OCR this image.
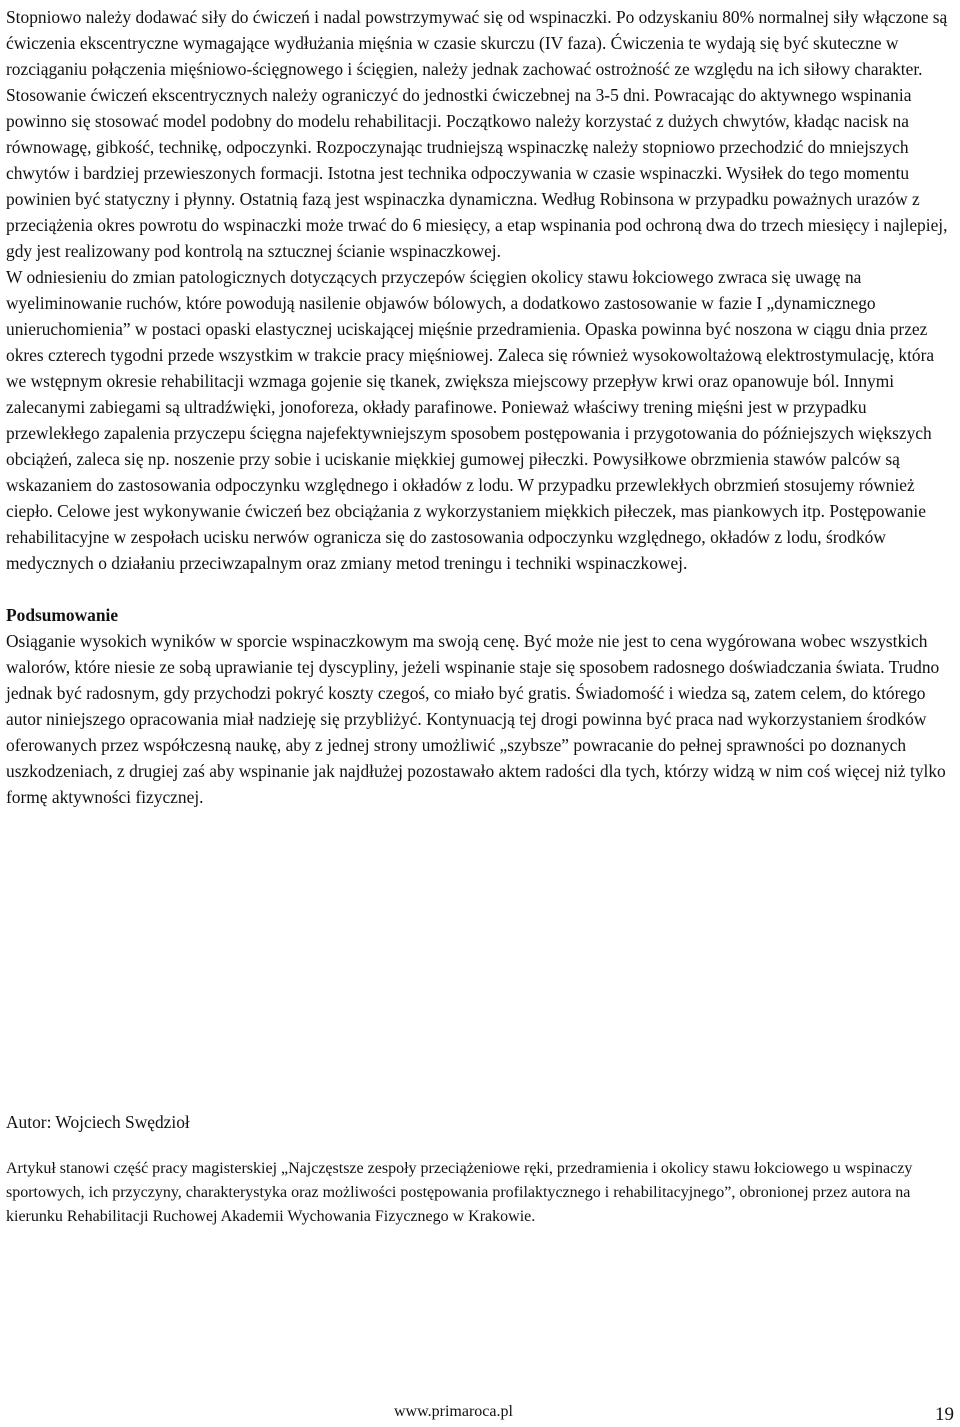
Stopniowo należy dodawać siły do ćwiczeń i nadal powstrzymywać się od wspinaczki. Po odzyskaniu 80% normalnej siły włączone są ćwiczenia ekscentryczne wymagające wydłużania mięśnia w czasie skurczu (IV faza). Ćwiczenia te wydają się być skuteczne w rozciąganiu połączenia mięśniowo-ścięgnowego i ścięgien, należy jednak zachować ostrożność ze względu na ich siłowy charakter. Stosowanie ćwiczeń ekscentrycznych należy ograniczyć do jednostki ćwiczebnej na 3-5 dni. Powracając do aktywnego wspinania powinno się stosować model podobny do modelu rehabilitacji. Początkowo należy korzystać z dużych chwytów, kładąc nacisk na równowagę, gibkość, technikę, odpoczynki. Rozpoczynając trudniejszą wspinaczkę należy stopniowo przechodzić do mniejszych chwytów i bardziej przewieszonych formacji. Istotna jest technika odpoczywania w czasie wspinaczki. Wysiłek do tego momentu powinien być statyczny i płynny. Ostatnią fazą jest wspinaczka dynamiczna. Według Robinsona w przypadku poważnych urazów z przeciążenia okres powrotu do wspinaczki może trwać do 6 miesięcy, a etap wspinania pod ochroną dwa do trzech miesięcy i najlepiej, gdy jest realizowany pod kontrolą na sztucznej ścianie wspinaczkowej.

W odniesieniu do zmian patologicznych dotyczących przyczepów ścięgien okolicy stawu łokciowego zwraca się uwagę na wyeliminowanie ruchów, które powodują nasilenie objawów bólowych, a dodatkowo zastosowanie w fazie I „dynamicznego unieruchomienia” w postaci opaski elastycznej uciskającej mięśnie przedramienia. Opaska powinna być noszona w ciągu dnia przez okres czterech tygodni przede wszystkim w trakcie pracy mięśniowej. Zaleca się również wysokowoltażową elektrostymulację, która we wstępnym okresie rehabilitacji wzmaga gojenie się tkanek, zwiększa miejscowy przepływ krwi oraz opanowuje ból. Innymi zalecanymi zabiegami są ultradźwięki, jonoforeza, okłady parafinowe. Ponieważ właściwy trening mięśni jest w przypadku przewlekłego zapalenia przyczepu ścięgna najefektywniejszym sposobem postępowania i przygotowania do późniejszych większych obciążeń, zaleca się np. noszenie przy sobie i uciskanie miękkiej gumowej piłeczki. Powysiłkowe obrzmienia stawów palców są wskazaniem do zastosowania odpoczynku względnego i okładów z lodu. W przypadku przewlekłych obrzmień stosujemy również ciepło. Celowe jest wykonywanie ćwiczeń bez obciążania z wykorzystaniem miękkich piłeczek, mas piankowych itp. Postępowanie rehabilitacyjne w zespołach ucisku nerwów ogranicza się do zastosowania odpoczynku względnego, okładów z lodu, środków medycznych o działaniu przeciwzapalnym oraz zmiany metod treningu i techniki wspinaczkowej.

Podsumowanie

Osiąganie wysokich wyników w sporcie wspinaczkowym ma swoją cenę. Być może nie jest to cena wygórowana wobec wszystkich walorów, które niesie ze sobą uprawianie tej dyscypliny, jeżeli wspinanie staje się sposobem radosnego doświadczania świata. Trudno jednak być radosnym, gdy przychodzi pokryć koszty czegoś, co miało być gratis. Świadomość i wiedza są, zatem celem, do którego autor niniejszego opracowania miał nadzieję się przybliżyć. Kontynuacją tej drogi powinna być praca nad wykorzystaniem środków oferowanych przez współczesną naukę, aby z jednej strony umożliwić „szybsze” powracanie do pełnej sprawności po doznanych uszkodzeniach, z drugiej zaś aby wspinanie jak najdłużej pozostawało aktem radości dla tych, którzy widzą w nim coś więcej niż tylko formę aktywności fizycznej.

Autor: Wojciech Swędzioł

Artykuł stanowi część pracy magisterskiej „Najczęstsze zespoły przeciążeniowe ręki, przedramienia i okolicy stawu łokciowego u wspinaczy sportowych, ich przyczyny, charakterystyka oraz możliwości postępowania profilaktycznego i rehabilitacyjnego”, obronionej przez autora na kierunku Rehabilitacji Ruchowej Akademii Wychowania Fizycznego w Krakowie.

www.primaroca.pl	19
